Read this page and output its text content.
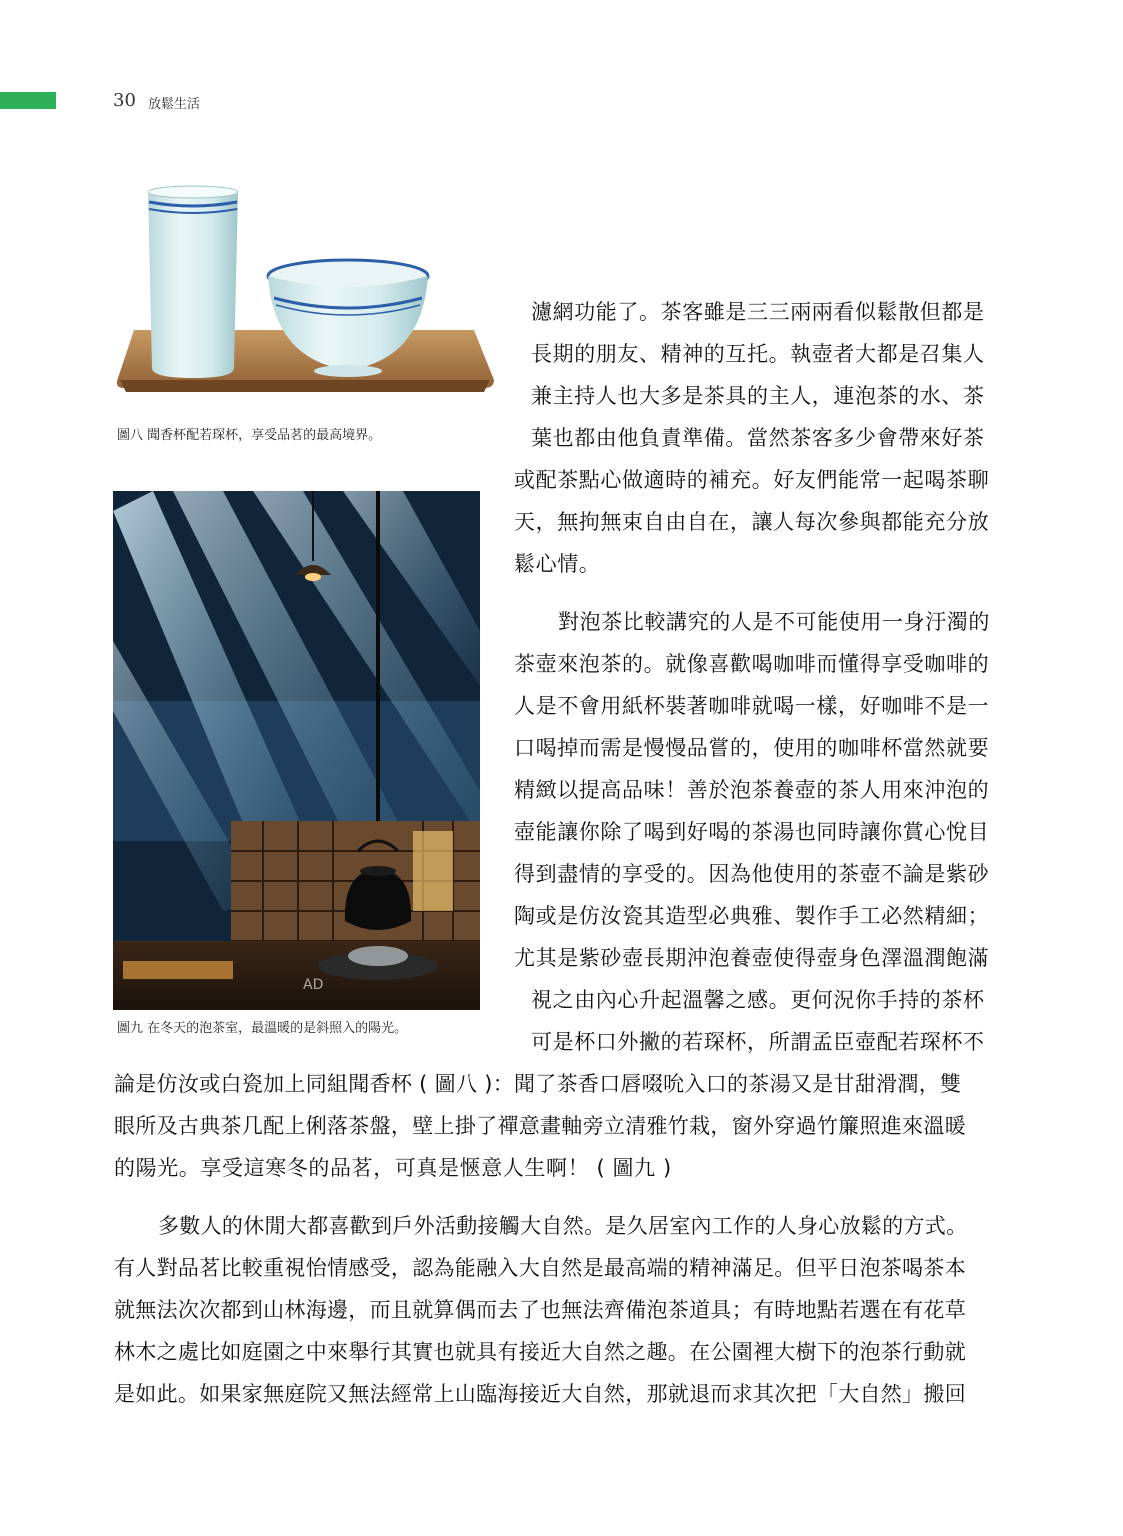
30 放鬆生活
圖八 聞香杯配若琛杯，享受品茗的最高境界。
AD
圖九 在冬天的泡茶室，最溫暖的是斜照入的陽光。
濾網功能了。茶客雖是三三兩兩看似鬆散但都是
長期的朋友、精神的互托。執壺者大都是召集人
兼主持人也大多是茶具的主人，連泡茶的水、茶
葉也都由他負責準備。當然茶客多少會帶來好茶
或配茶點心做適時的補充。好友們能常一起喝茶聊
天，無拘無束自由自在，讓人每次參與都能充分放
鬆心情。
對泡茶比較講究的人是不可能使用一身汙濁的
茶壺來泡茶的。就像喜歡喝咖啡而懂得享受咖啡的
人是不會用紙杯裝著咖啡就喝一樣，好咖啡不是一
口喝掉而需是慢慢品嘗的，使用的咖啡杯當然就要
精緻以提高品味！善於泡茶養壺的茶人用來沖泡的
壺能讓你除了喝到好喝的茶湯也同時讓你賞心悅目
得到盡情的享受的。因為他使用的茶壺不論是紫砂
陶或是仿汝瓷其造型必典雅、製作手工必然精細；
尤其是紫砂壺長期沖泡養壺使得壺身色澤溫潤飽滿
視之由內心升起溫馨之感。更何況你手持的茶杯
可是杯口外撇的若琛杯，所謂孟臣壺配若琛杯不
論是仿汝或白瓷加上同組聞香杯 ( 圖八 )：聞了茶香口唇啜吮入口的茶湯又是甘甜滑潤，雙
眼所及古典茶几配上俐落茶盤，壁上掛了禪意畫軸旁立清雅竹栽，窗外穿過竹簾照進來溫暖
的陽光。享受這寒冬的品茗，可真是愜意人生啊！ ( 圖九 )
多數人的休閒大都喜歡到戶外活動接觸大自然。是久居室內工作的人身心放鬆的方式。
有人對品茗比較重視怡情感受，認為能融入大自然是最高端的精神滿足。但平日泡茶喝茶本
就無法次次都到山林海邊，而且就算偶而去了也無法齊備泡茶道具；有時地點若選在有花草
林木之處比如庭園之中來舉行其實也就具有接近大自然之趣。在公園裡大樹下的泡茶行動就
是如此。如果家無庭院又無法經常上山臨海接近大自然，那就退而求其次把「大自然」搬回
